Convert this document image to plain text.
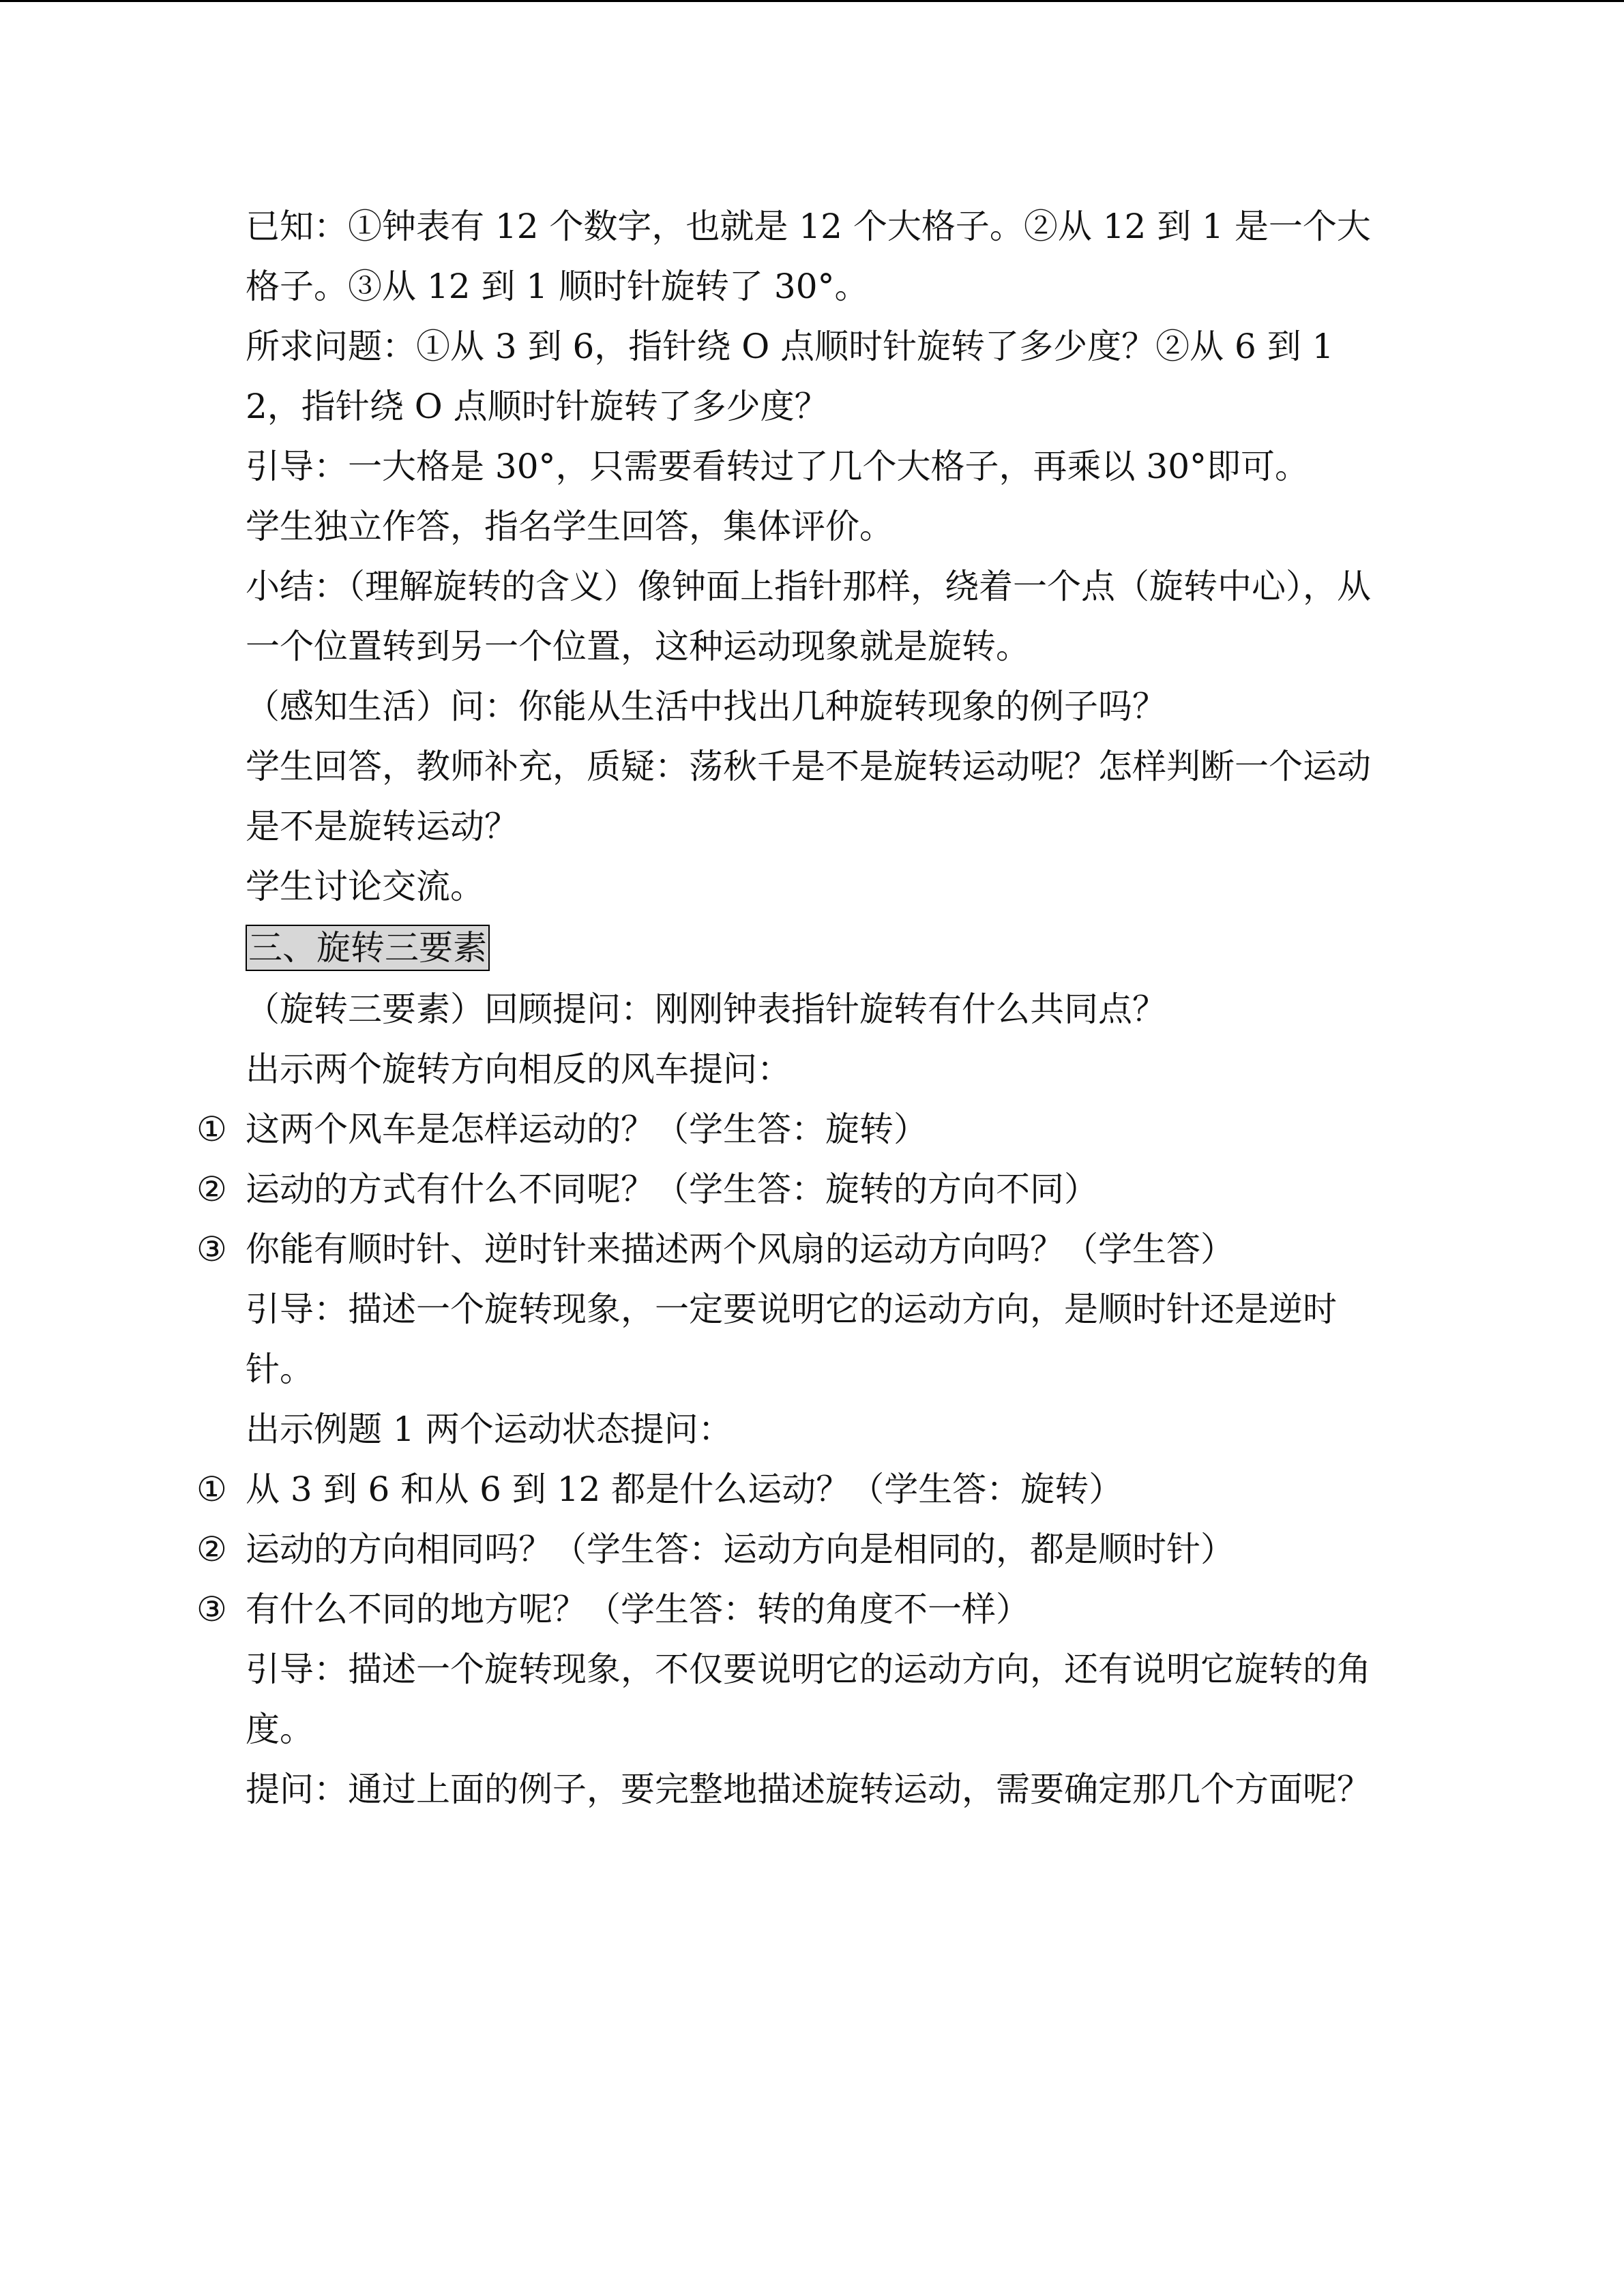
已知：①钟表有 12 个数字，也就是 12 个大格子。②从 12 到 1 是一个大格子。③从 12 到 1 顺时针旋转了 30°。

所求问题：①从 3 到 6，指针绕 O 点顺时针旋转了多少度？②从 6 到 12，指针绕 O 点顺时针旋转了多少度？

引导：一大格是 30°，只需要看转过了几个大格子，再乘以 30°即可。

学生独立作答，指名学生回答，集体评价。

小结：（理解旋转的含义）像钟面上指针那样，绕着一个点（旋转中心），从一个位置转到另一个位置，这种运动现象就是旋转。

（感知生活）问：你能从生活中找出几种旋转现象的例子吗？

学生回答，教师补充，质疑：荡秋千是不是旋转运动呢？怎样判断一个运动是不是旋转运动？

学生讨论交流。

三、旋转三要素

（旋转三要素）回顾提问：刚刚钟表指针旋转有什么共同点？

出示两个旋转方向相反的风车提问：

① 这两个风车是怎样运动的？（学生答：旋转）

② 运动的方式有什么不同呢？（学生答：旋转的方向不同）

③ 你能有顺时针、逆时针来描述两个风扇的运动方向吗？（学生答）

引导：描述一个旋转现象，一定要说明它的运动方向，是顺时针还是逆时针。

出示例题 1 两个运动状态提问：

① 从 3 到 6 和从 6 到 12 都是什么运动？（学生答：旋转）

② 运动的方向相同吗？（学生答：运动方向是相同的，都是顺时针）

③ 有什么不同的地方呢？（学生答：转的角度不一样）

引导：描述一个旋转现象，不仅要说明它的运动方向，还有说明它旋转的角度。

提问：通过上面的例子，要完整地描述旋转运动，需要确定那几个方面呢？
